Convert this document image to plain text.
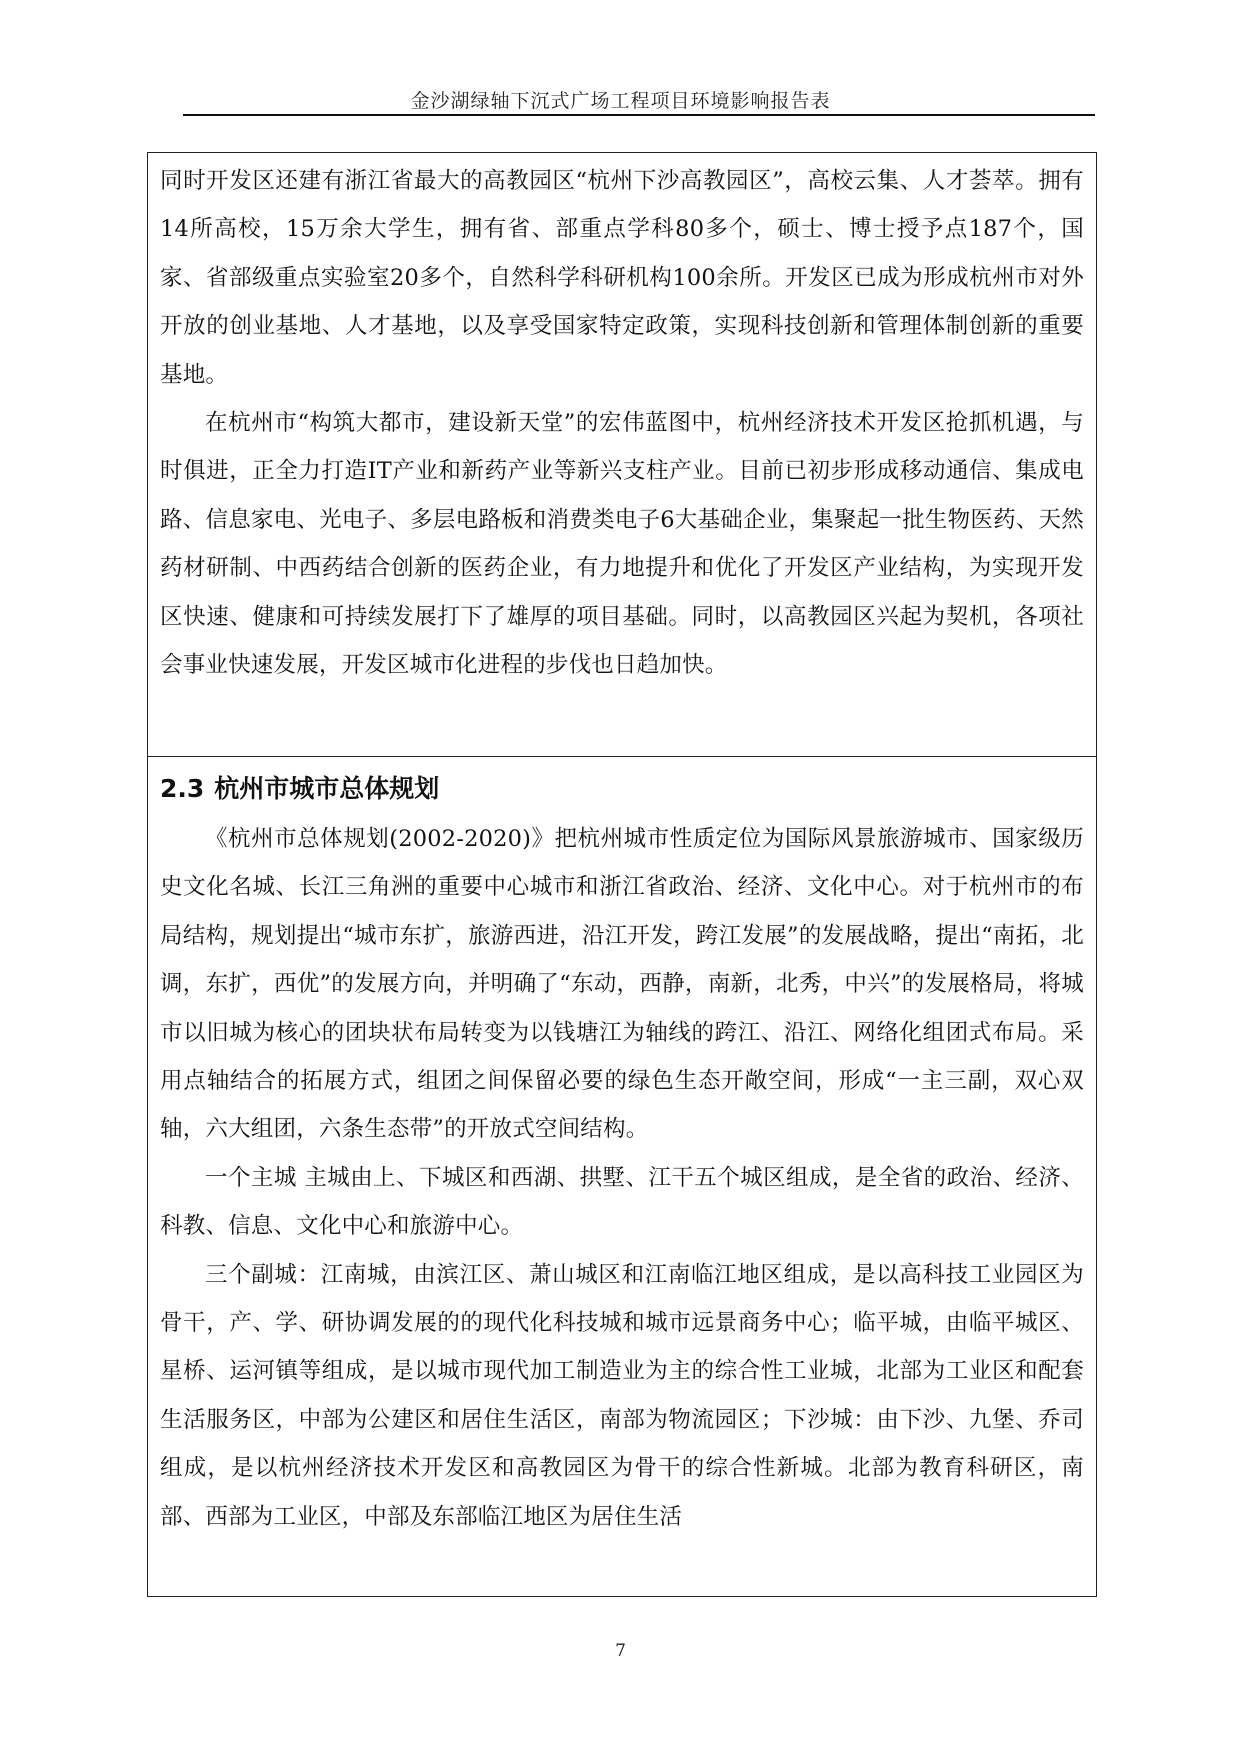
金沙湖绿轴下沉式广场工程项目环境影响报告表

同时开发区还建有浙江省最大的高教园区“杭州下沙高教园区”，高校云集、人才荟萃。拥有14所高校，15万余大学生，拥有省、部重点学科80多个，硕士、博士授予点187个，国家、省部级重点实验室20多个，自然科学科研机构100余所。开发区已成为形成杭州市对外开放的创业基地、人才基地，以及享受国家特定政策，实现科技创新和管理体制创新的重要基地。

在杭州市“构筑大都市，建设新天堂”的宏伟蓝图中，杭州经济技术开发区抢抓机遇，与时俱进，正全力打造IT产业和新药产业等新兴支柱产业。目前已初步形成移动通信、集成电路、信息家电、光电子、多层电路板和消费类电子6大基础企业，集聚起一批生物医药、天然药材研制、中西药结合创新的医药企业，有力地提升和优化了开发区产业结构，为实现开发区快速、健康和可持续发展打下了雄厚的项目基础。同时，以高教园区兴起为契机，各项社会事业快速发展，开发区城市化进程的步伐也日趋加快。

2.3 杭州市城市总体规划

《杭州市总体规划(2002-2020)》把杭州城市性质定位为国际风景旅游城市、国家级历史文化名城、长江三角洲的重要中心城市和浙江省政治、经济、文化中心。对于杭州市的布局结构，规划提出“城市东扩，旅游西进，沿江开发，跨江发展”的发展战略，提出“南拓，北调，东扩，西优”的发展方向，并明确了“东动，西静，南新，北秀，中兴”的发展格局，将城市以旧城为核心的团块状布局转变为以钱塘江为轴线的跨江、沿江、网络化组团式布局。采用点轴结合的拓展方式，组团之间保留必要的绿色生态开敞空间，形成“一主三副，双心双轴，六大组团，六条生态带”的开放式空间结构。

一个主城 主城由上、下城区和西湖、拱墅、江干五个城区组成，是全省的政治、经济、科教、信息、文化中心和旅游中心。

三个副城：江南城，由滨江区、萧山城区和江南临江地区组成，是以高科技工业园区为骨干，产、学、研协调发展的的现代化科技城和城市远景商务中心；临平城，由临平城区、星桥、运河镇等组成，是以城市现代加工制造业为主的综合性工业城，北部为工业区和配套生活服务区，中部为公建区和居住生活区，南部为物流园区；下沙城：由下沙、九堡、乔司组成，是以杭州经济技术开发区和高教园区为骨干的综合性新城。北部为教育科研区，南部、西部为工业区，中部及东部临江地区为居住生活

7
